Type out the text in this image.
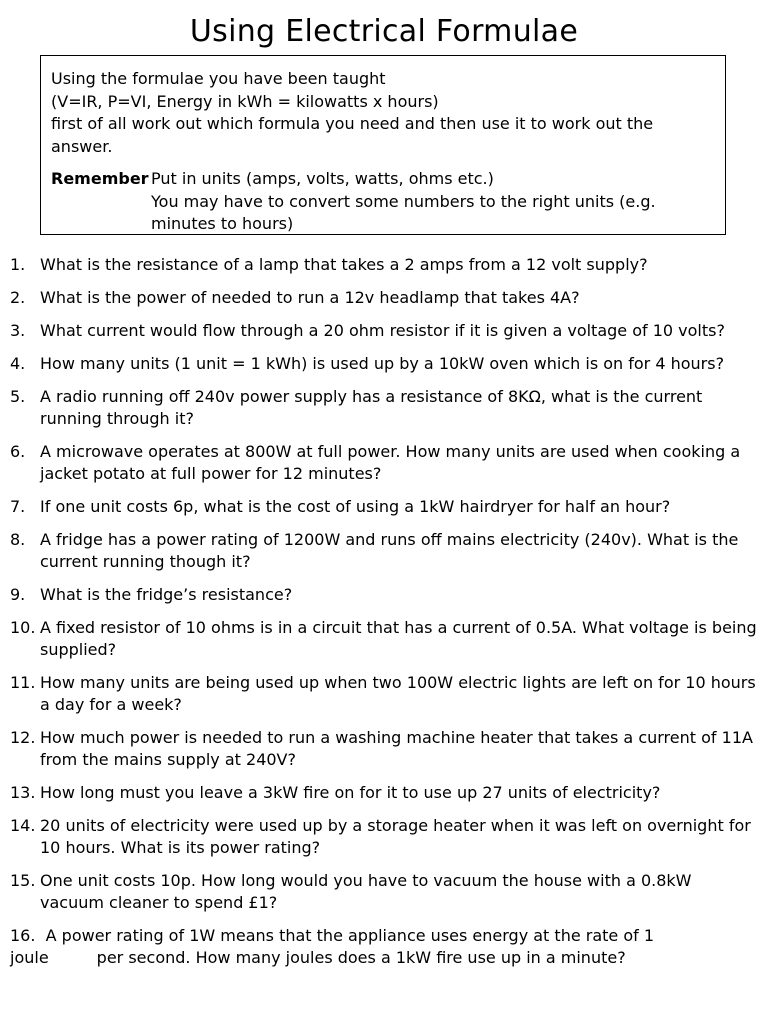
Using Electrical Formulae

Using the formulae you have been taught

(V=IR, P=VI, Energy in kWh = kilowatts x hours)

first of all work out which formula you need and then use it to work out the answer.

Remember Put in units (amps, volts, watts, ohms etc.)

You may have to convert some numbers to the right units (e.g. minutes to hours)

1. What is the resistance of a lamp that takes a 2 amps from a 12 volt supply?
2. What is the power of needed to run a 12v headlamp that takes 4A?
3. What current would flow through a 20 ohm resistor if it is given a voltage of 10 volts?
4. How many units (1 unit = 1 kWh) is used up by a 10kW oven which is on for 4 hours?
5. A radio running off 240v power supply has a resistance of 8KΩ, what is the current running through it?
6. A microwave operates at 800W at full power. How many units are used when cooking a jacket potato at full power for 12 minutes?
7. If one unit costs 6p, what is the cost of using a 1kW hairdryer for half an hour?
8. A fridge has a power rating of 1200W and runs off mains electricity (240v). What is the current running though it?
9. What is the fridge’s resistance?
10. A fixed resistor of 10 ohms is in a circuit that has a current of 0.5A. What voltage is being supplied?
11. How many units are being used up when two 100W electric lights are left on for 10 hours a day for a week?
12. How much power is needed to run a washing machine heater that takes a current of 11A from the mains supply at 240V?
13. How long must you leave a 3kW fire on for it to use up 27 units of electricity?
14. 20 units of electricity were used up by a storage heater when it was left on overnight for 10 hours. What is its power rating?
15. One unit costs 10p. How long would you have to vacuum the house with a 0.8kW vacuum cleaner to spend £1?
16. A power rating of 1W means that the appliance uses energy at the rate of 1
joule	per second. How many joules does a 1kW fire use up in a minute?
